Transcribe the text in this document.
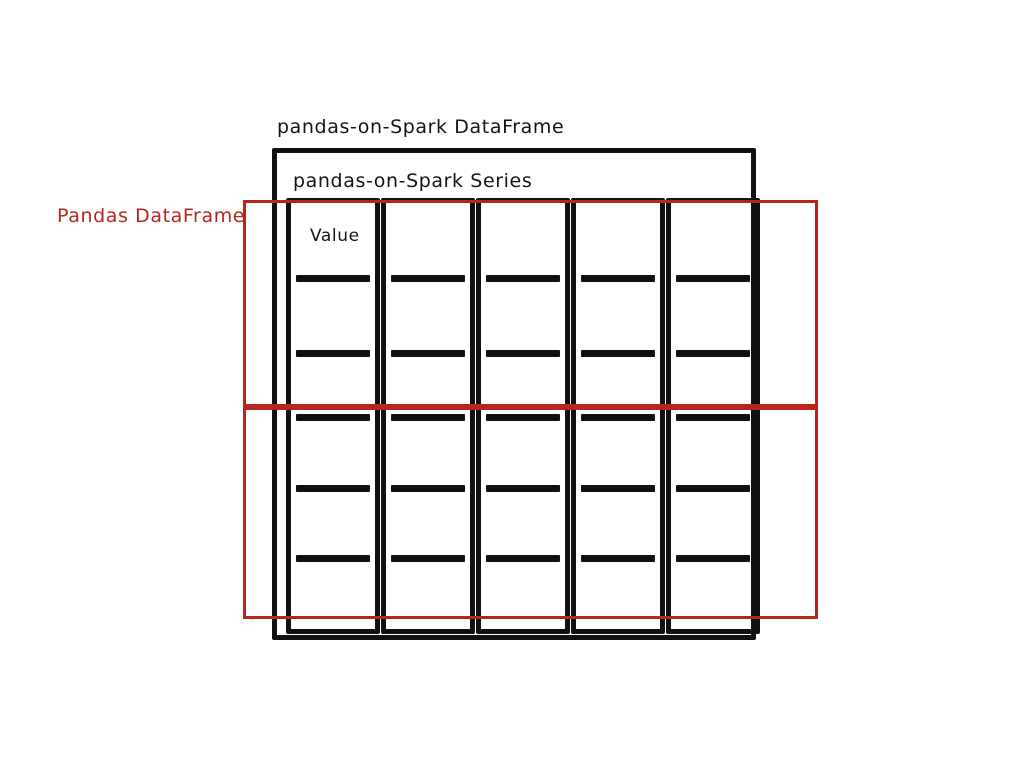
pandas-on-Spark DataFrame
pandas-on-Spark Series
Pandas DataFrame
Value
